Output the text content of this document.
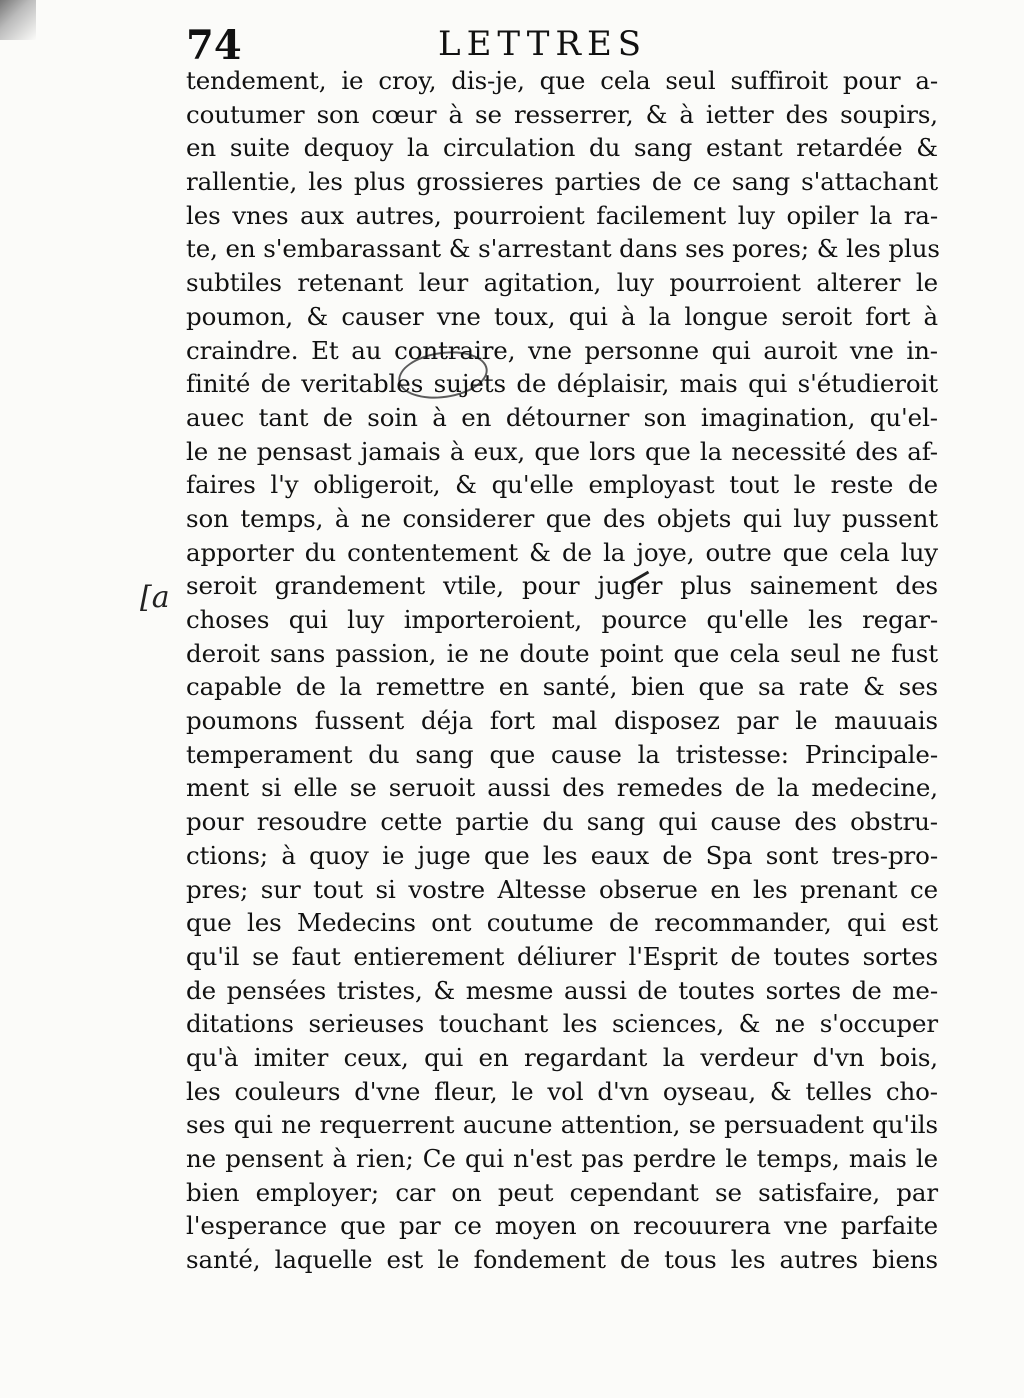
74	LETTRES
[a
tendement, ie croy, dis-je, que cela seul suffiroit pour a-
coutumer son cœur à se resserrer, & à ietter des soupirs,
en suite dequoy la circulation du sang estant retardée &
rallentie, les plus grossieres parties de ce sang s'attachant
les vnes aux autres, pourroient facilement luy opiler la ra-
te, en s'embarassant & s'arrestant dans ses pores; & les plus
subtiles retenant leur agitation, luy pourroient alterer le
poumon, & causer vne toux, qui à la longue seroit fort à
craindre. Et au contraire, vne personne qui auroit vne in-
finité de veritables sujets de déplaisir, mais qui s'étudieroit
auec tant de soin à en détourner son imagination, qu'el-
le ne pensast jamais à eux, que lors que la necessité des af-
faires l'y obligeroit, & qu'elle employast tout le reste de
son temps, à ne considerer que des objets qui luy pussent
apporter du contentement & de la joye, outre que cela luy
seroit grandement vtile, pour juger plus sainement des
choses qui luy importeroient, pource qu'elle les regar-
deroit sans passion, ie ne doute point que cela seul ne fust
capable de la remettre en santé, bien que sa rate & ses
poumons fussent déja fort mal disposez par le mauuais
temperament du sang que cause la tristesse: Principale-
ment si elle se seruoit aussi des remedes de la medecine,
pour resoudre cette partie du sang qui cause des obstru-
ctions; à quoy ie juge que les eaux de Spa sont tres-pro-
pres; sur tout si vostre Altesse obserue en les prenant ce
que les Medecins ont coutume de recommander, qui est
qu'il se faut entierement déliurer l'Esprit de toutes sortes
de pensées tristes, & mesme aussi de toutes sortes de me-
ditations serieuses touchant les sciences, & ne s'occuper
qu'à imiter ceux, qui en regardant la verdeur d'vn bois,
les couleurs d'vne fleur, le vol d'vn oyseau, & telles cho-
ses qui ne requerrent aucune attention, se persuadent qu'ils
ne pensent à rien; Ce qui n'est pas perdre le temps, mais le
bien employer; car on peut cependant se satisfaire, par
l'esperance que par ce moyen on recouurera vne parfaite
santé, laquelle est le fondement de tous les autres biens
